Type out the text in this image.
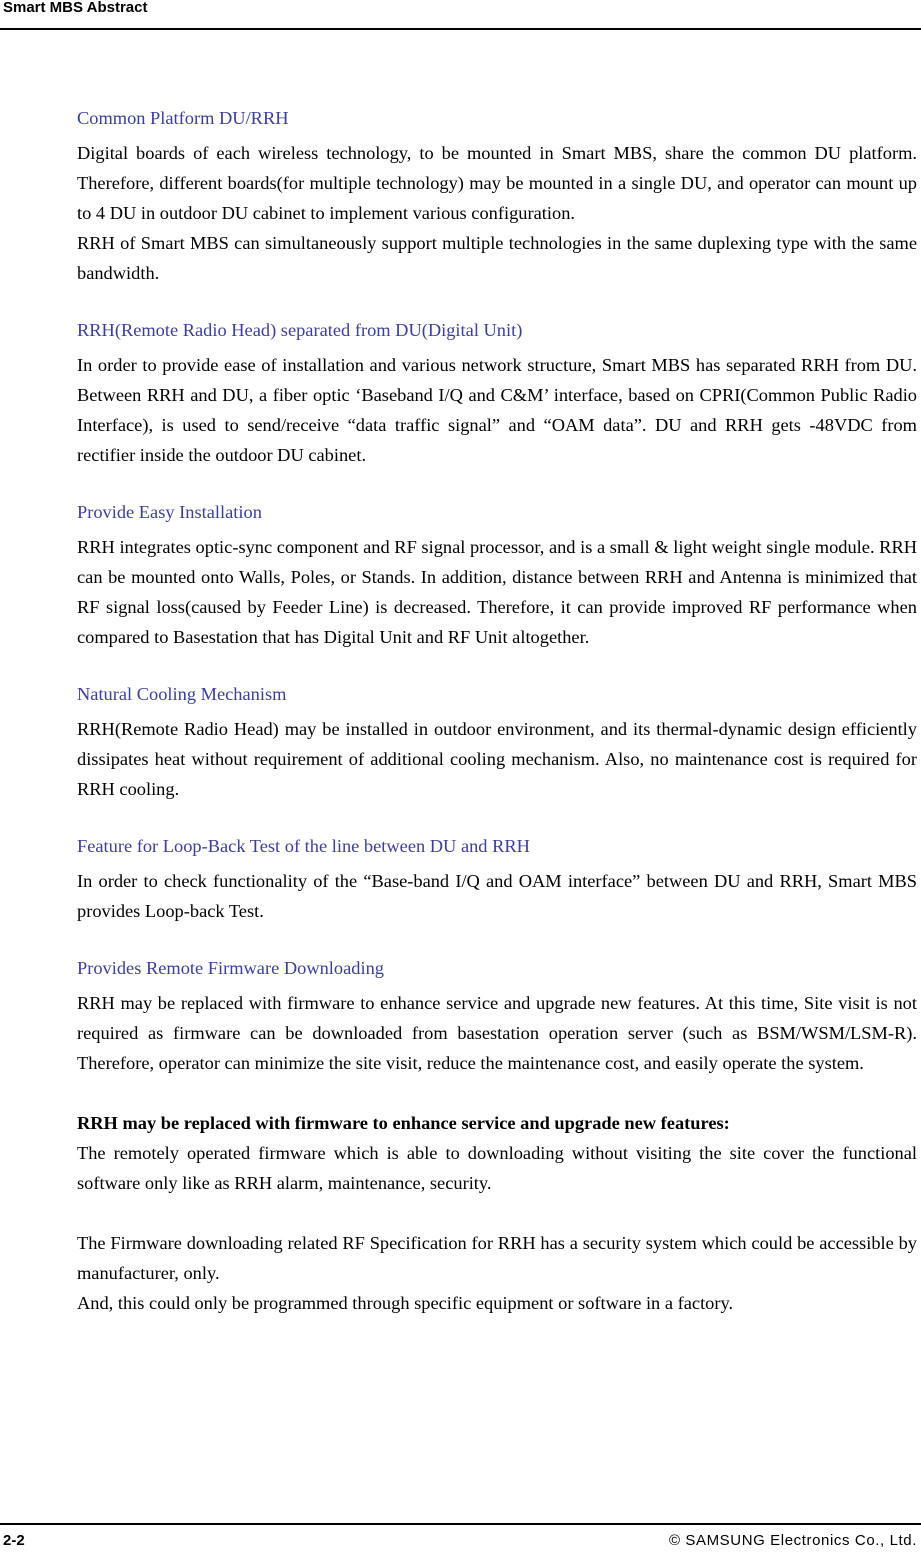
Smart MBS Abstract
Common Platform DU/RRH

Digital boards of each wireless technology, to be mounted in Smart MBS, share the common DU platform. Therefore, different boards(for multiple technology) may be mounted in a single DU, and operator can mount up to 4 DU in outdoor DU cabinet to implement various configuration.

RRH of Smart MBS can simultaneously support multiple technologies in the same duplexing type with the same bandwidth.

RRH(Remote Radio Head) separated from DU(Digital Unit)

In order to provide ease of installation and various network structure, Smart MBS has separated RRH from DU. Between RRH and DU, a fiber optic ‘Baseband I/Q and C&M’ interface, based on CPRI(Common Public Radio Interface), is used to send/receive “data traffic signal” and “OAM data”. DU and RRH gets -48VDC from rectifier inside the outdoor DU cabinet.

Provide Easy Installation

RRH integrates optic-sync component and RF signal processor, and is a small & light weight single module. RRH can be mounted onto Walls, Poles, or Stands. In addition, distance between RRH and Antenna is minimized that RF signal loss(caused by Feeder Line) is decreased. Therefore, it can provide improved RF performance when compared to Basestation that has Digital Unit and RF Unit altogether.

Natural Cooling Mechanism

RRH(Remote Radio Head) may be installed in outdoor environment, and its thermal-dynamic design efficiently dissipates heat without requirement of additional cooling mechanism. Also, no maintenance cost is required for RRH cooling.

Feature for Loop-Back Test of the line between DU and RRH

In order to check functionality of the “Base-band I/Q and OAM interface” between DU and RRH, Smart MBS provides Loop-back Test.

Provides Remote Firmware Downloading

RRH may be replaced with firmware to enhance service and upgrade new features. At this time, Site visit is not required as firmware can be downloaded from basestation operation server (such as BSM/WSM/LSM-R). Therefore, operator can minimize the site visit, reduce the maintenance cost, and easily operate the system.

RRH may be replaced with firmware to enhance service and upgrade new features:

The remotely operated firmware which is able to downloading without visiting the site cover the functional software only like as RRH alarm, maintenance, security.

The Firmware downloading related RF Specification for RRH has a security system which could be accessible by manufacturer, only.

And, this could only be programmed through specific equipment or software in a factory.

2-2	© SAMSUNG Electronics Co., Ltd.
